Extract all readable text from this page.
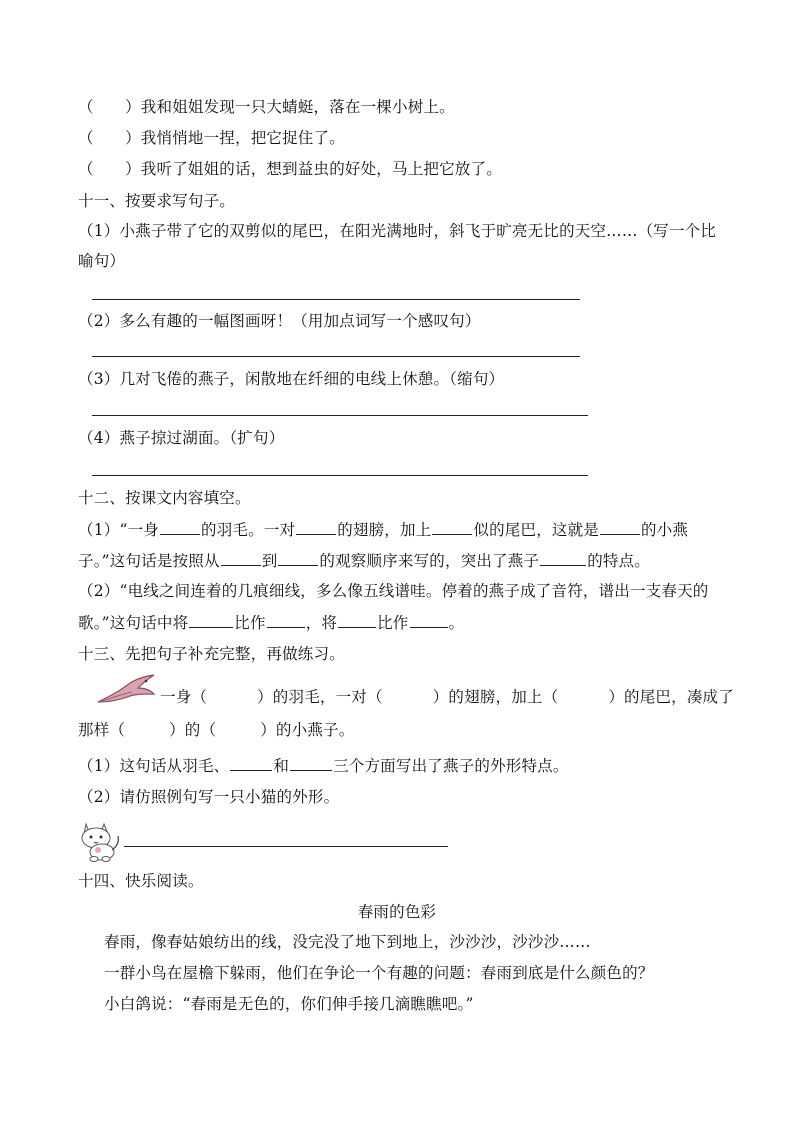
（　　）我和姐姐发现一只大蜻蜓，落在一棵小树上。
（　　）我悄悄地一捏，把它捉住了。
（　　）我听了姐姐的话，想到益虫的好处，马上把它放了。
十一、按要求写句子。
（1）小燕子带了它的双剪似的尾巴，在阳光满地时，斜飞于旷亮无比的天空……（写一个比喻句）
（2）多么有趣的一幅图画呀！（用加点词写一个感叹句）
（3）几对飞倦的燕子，闲散地在纤细的电线上休憩。（缩句）
（4）燕子掠过湖面。（扩句）
十二、按课文内容填空。
（1）“一身	的羽毛。一对	的翅膀，加上	似的尾巴，这就是	的小燕
子。”这句话是按照从	到	的观察顺序来写的，突出了燕子	的特点。
（2）“电线之间连着的几痕细线，多么像五线谱哇。停着的燕子成了音符，谱出一支春天的
歌。”这句话中将	比作	，将	比作	。
十三、先把句子补充完整，再做练习。
一身（	）的羽毛，一对（	）的翅膀，加上（	）的尾巴，凑成了
那样（	）的（	）的小燕子。
（1）这句话从羽毛、	和	三个方面写出了燕子的外形特点。
（2）请仿照例句写一只小猫的外形。
十四、快乐阅读。
春雨的色彩
春雨，像春姑娘纺出的线，没完没了地下到地上，沙沙沙，沙沙沙……
一群小鸟在屋檐下躲雨，他们在争论一个有趣的问题：春雨到底是什么颜色的？
小白鸽说：“春雨是无色的，你们伸手接几滴瞧瞧吧。”
